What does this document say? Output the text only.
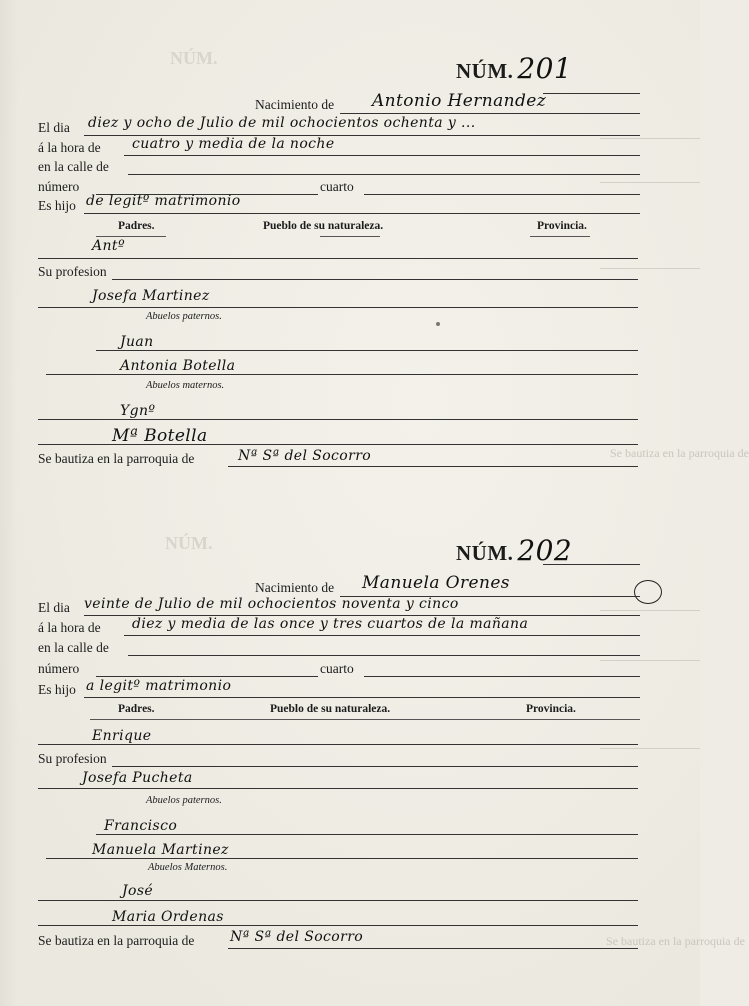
NÚM.
NÚM. 201
Nacimiento de Antonio Hernandez
El dia diez y ocho de Julio de mil ochocientos ochenta y ...
á la hora de cuatro y media de la noche
en la calle de
número	cuarto
Es hijo de legitº matrimonio
Padres.	Pueblo de su naturaleza.	Provincia.
Antº
Su profesion
Josefa Martinez
Abuelos paternos.
Juan
Antonia Botella
Abuelos maternos.
Ygnº
Mª Botella
Se bautiza en la parroquia de	Nª Sª del Socorro	Se bautiza en la parroquia de
NÚM.	NÚM. 202
Nacimiento de Manuela Orenes
El dia veinte de Julio de mil ochocientos noventa y cinco
á la hora de diez y media de las once y tres cuartos de la mañana
en la calle de
número	cuarto
Es hijo a legitº matrimonio
Padres.	Pueblo de su naturaleza.	Provincia.
Enrique
Su profesion
Josefa Pucheta
Abuelos paternos.
Francisco
Manuela Martinez
Abuelos Maternos.
José
Maria Ordenas
Se bautiza en la parroquia de	Nª Sª del Socorro	Se bautiza en la parroquia de
